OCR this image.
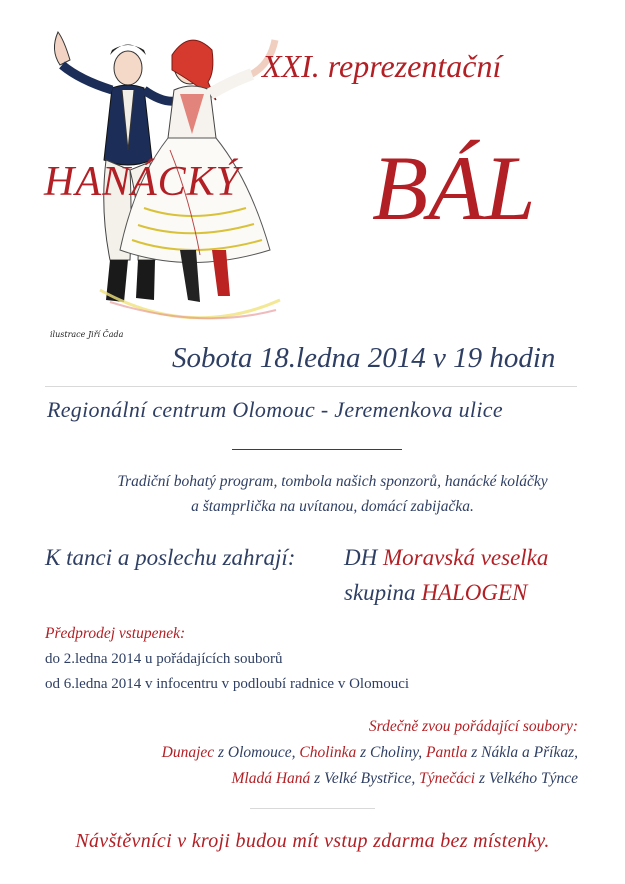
ilustrace Jiří Čada
XXI. reprezentační
HANÁCKÝ BÁL
Sobota 18.ledna 2014 v 19 hodin
Regionální centrum Olomouc - Jeremenkova ulice
Tradiční bohatý program, tombola našich sponzorů, hanácké koláčky
a štamprlička na uvítanou, domácí zabijačka.
K tanci a poslechu zahrají: DH Moravská veselka
skupina HALOGEN
Předprodej vstupenek:
do 2.ledna 2014 u pořádajících souborů
od 6.ledna 2014 v infocentru v podloubí radnice v Olomouci
Srdečně zvou pořádající soubory:
Dunajec z Olomouce, Cholinka z Choliny, Pantla z Nákla a Příkaz,
Mladá Haná z Velké Bystřice, Týnečáci z Velkého Týnce
Návštěvníci v kroji budou mít vstup zdarma bez místenky.
